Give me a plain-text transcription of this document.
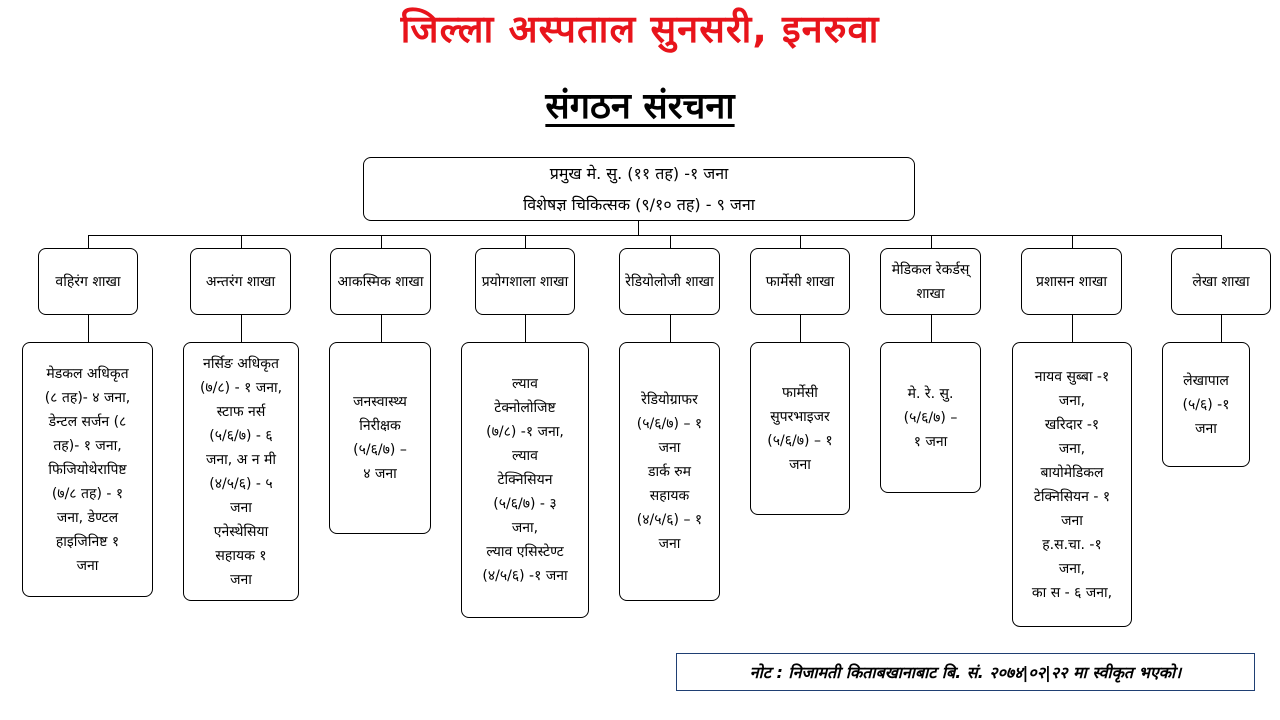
जिल्ला अस्पताल सुनसरी, इनरुवा
संगठन संरचना
प्रमुख मे. सु. (११ तह) -१ जना
विशेषज्ञ चिकित्सक (९/१० तह) - ९ जना
वहिरंग शाखा
मेडकल अधिकृत
(८ तह)- ४ जना,
डेन्टल सर्जन (८
तह)- १ जना,
फिजियोथेरापिष्ट
(७/८ तह) - १
जना, डेण्टल
हाइजिनिष्ट १
जना
अन्तरंग शाखा
नर्सिङ अधिकृत
(७/८) - १ जना,
स्टाफ नर्स
(५/६/७) - ६
जना, अ न मी
(४/५/६) - ५
जना
एनेस्थेसिया
सहायक १
जना
आकस्मिक शाखा
जनस्वास्थ्य
निरीक्षक
(५/६/७) –
४ जना
प्रयोगशाला शाखा
ल्याव
टेक्नोलोजिष्ट
(७/८) -१ जना,
ल्याव
टेक्निसियन
(५/६/७) - ३
जना,
ल्याव एसिस्टेण्ट
(४/५/६) -१ जना
रेडियोलोजी शाखा
रेडियोग्राफर
(५/६/७) – १
जना
डार्क रुम
सहायक
(४/५/६) – १
जना
फार्मेसी शाखा
फार्मेसी
सुपरभाइजर
(५/६/७) – १
जना
मेडिकल रेकर्डस् शाखा
मे. रे. सु.
(५/६/७) –
१ जना
प्रशासन शाखा
नायव सुब्बा -१
जना,
खरिदार -१
जना,
बायोमेडिकल
टेक्निसियन - १
जना
ह.स.चा. -१
जना,
का स - ६ जना,
लेखा शाखा
लेखापाल
(५/६) -१
जना
नोट : निजामती किताबखानाबाट बि. सं. २०७४|०२|२२ मा स्वीकृत भएको।
